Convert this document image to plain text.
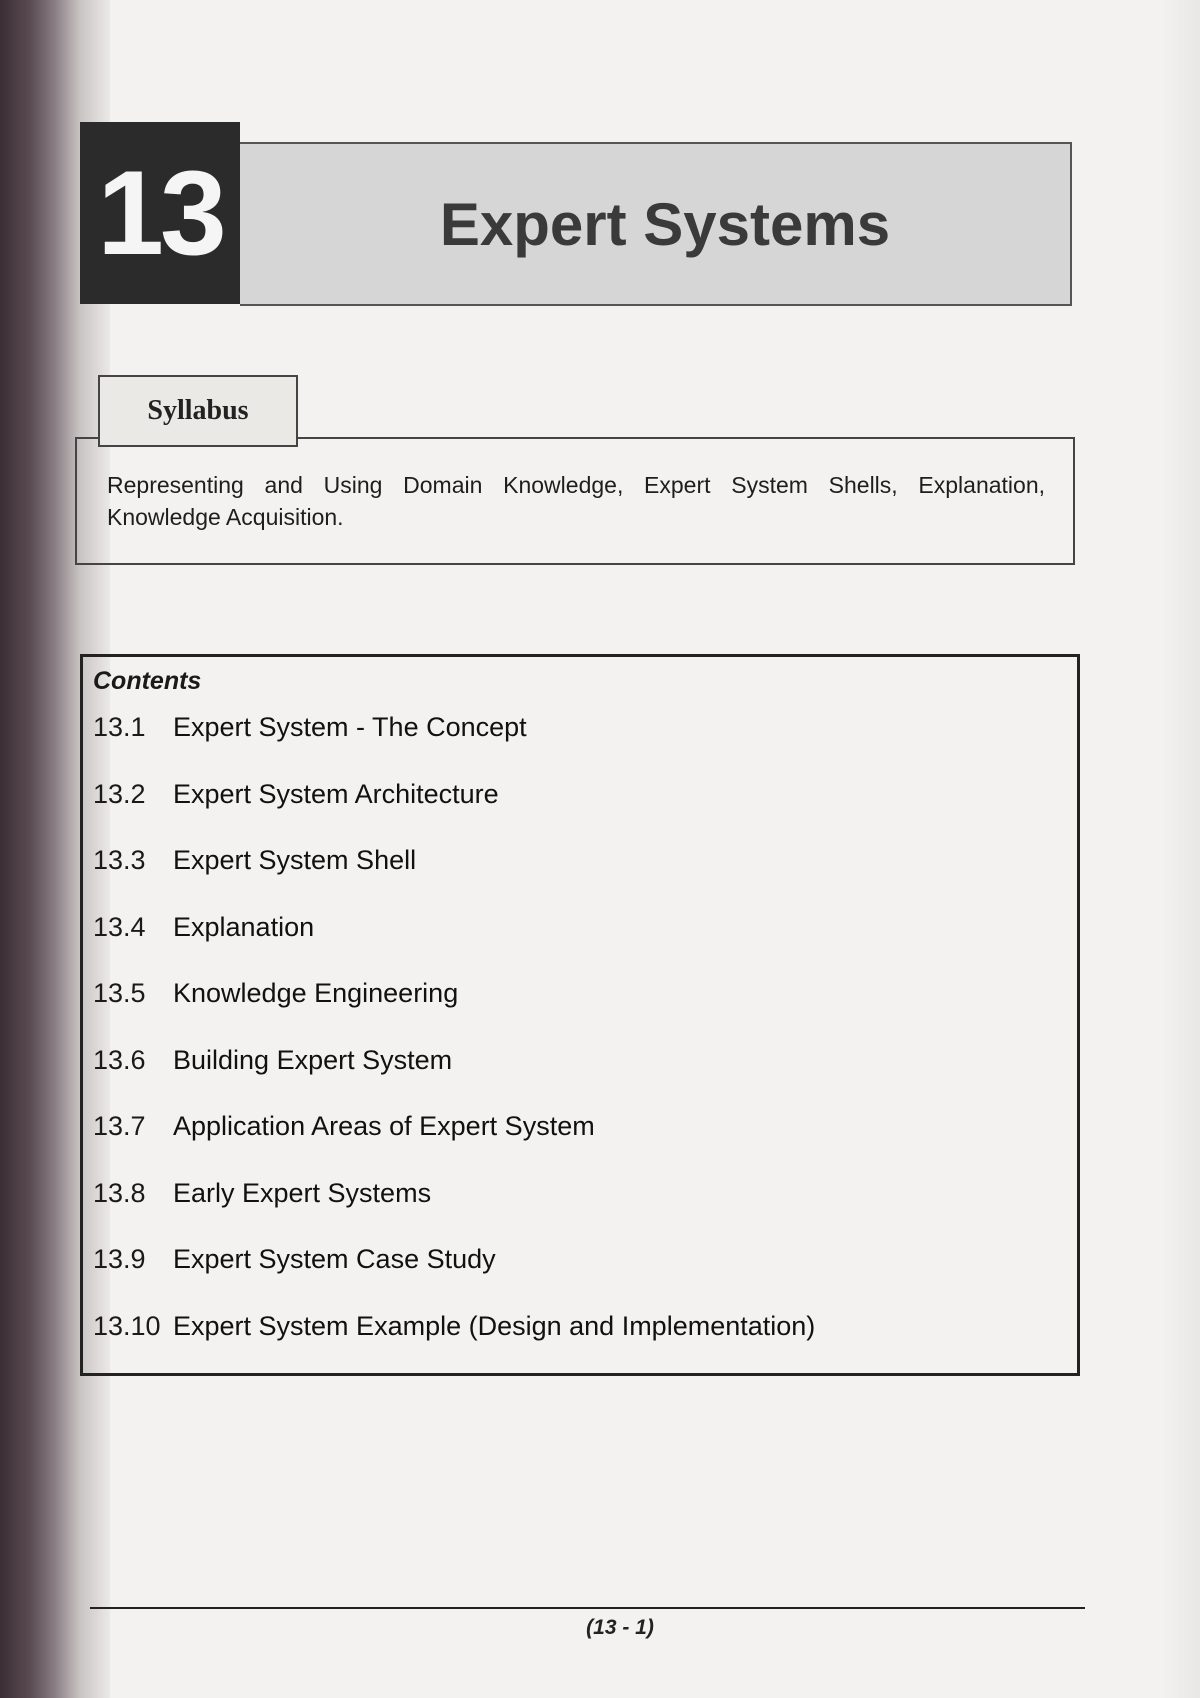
13	Expert Systems
Syllabus
Representing and Using Domain Knowledge, Expert System Shells, Explanation, Knowledge Acquisition.
Contents
13.1	Expert System - The Concept
13.2	Expert System Architecture
13.3	Expert System Shell
13.4	Explanation
13.5	Knowledge Engineering
13.6	Building Expert System
13.7	Application Areas of Expert System
13.8	Early Expert Systems
13.9	Expert System Case Study
13.10 Expert System Example (Design and Implementation)
(13 - 1)
